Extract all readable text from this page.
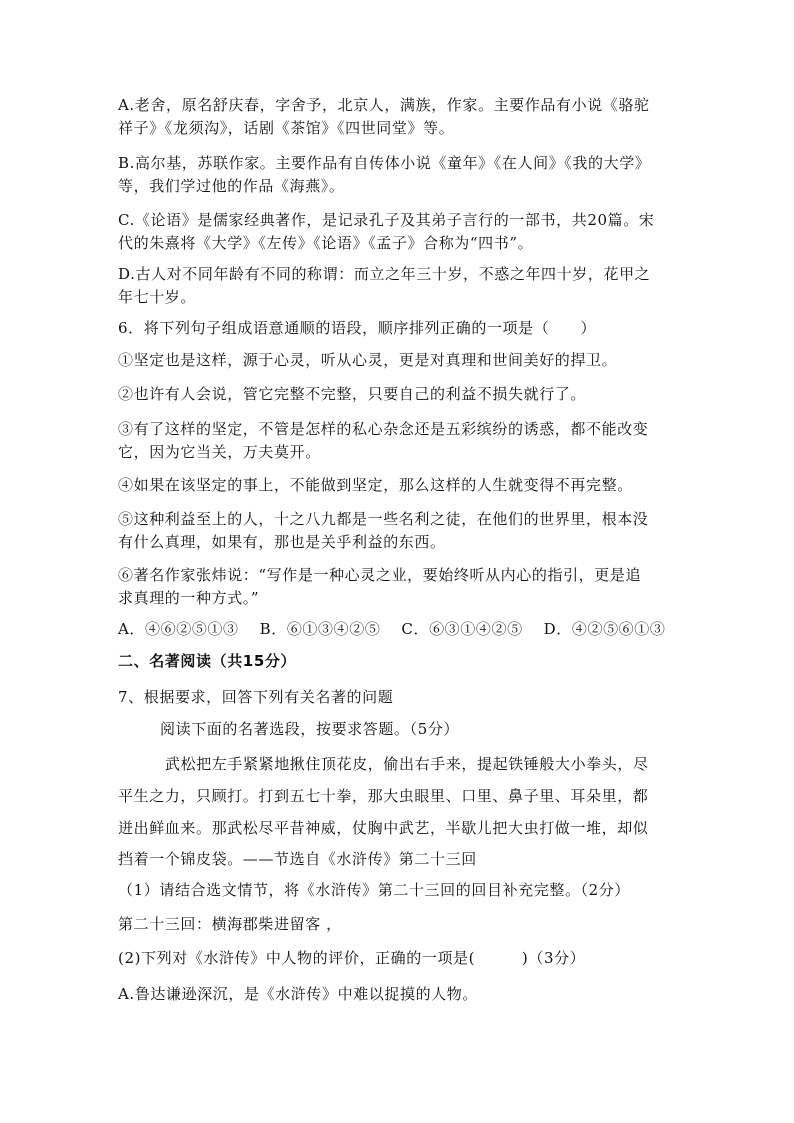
A.老舍，原名舒庆春，字舍予，北京人，满族，作家。主要作品有小说《骆驼
祥子》《龙须沟》，话剧《茶馆》《四世同堂》等。
B.高尔基，苏联作家。主要作品有自传体小说《童年》《在人间》《我的大学》
等，我们学过他的作品《海燕》。
C.《论语》是儒家经典著作，是记录孔子及其弟子言行的一部书，共20篇。宋
代的朱熹将《大学》《左传》《论语》《孟子》合称为“四书”。
D.古人对不同年龄有不同的称谓：而立之年三十岁，不惑之年四十岁，花甲之
年七十岁。
6．将下列句子组成语意通顺的语段，顺序排列正确的一项是（　　）
①坚定也是这样，源于心灵，听从心灵，更是对真理和世间美好的捍卫。
②也许有人会说，管它完整不完整，只要自己的利益不损失就行了。
③有了这样的坚定，不管是怎样的私心杂念还是五彩缤纷的诱惑，都不能改变
它，因为它当关，万夫莫开。
④如果在该坚定的事上，不能做到坚定，那么这样的人生就变得不再完整。
⑤这种利益至上的人，十之八九都是一些名利之徒，在他们的世界里，根本没
有什么真理，如果有，那也是关乎利益的东西。
⑥著名作家张炜说：“写作是一种心灵之业，要始终听从内心的指引，更是追
求真理的一种方式。”
A．④⑥②⑤①③　 B．⑥①③④②⑤　 C．⑥③①④②⑤　 D．④②⑤⑥①③
二、名著阅读（共15分）
7、根据要求，回答下列有关名著的问题
阅读下面的名著选段，按要求答题。（5分）
武松把左手紧紧地揪住顶花皮，偷出右手来，提起铁锤般大小拳头，尽
平生之力，只顾打。打到五七十拳，那大虫眼里、口里、鼻子里、耳朵里，都
迸出鲜血来。那武松尽平昔神威，仗胸中武艺，半歇儿把大虫打做一堆，却似
挡着一个锦皮袋。——节选自《水浒传》第二十三回
（1）请结合选文情节，将《水浒传》第二十三回的回目补充完整。（2分）
第二十三回：横海郡柴进留客 ，
(2)下列对《水浒传》中人物的评价，正确的一项是(　　　)（3分）
A.鲁达谦逊深沉，是《水浒传》中难以捉摸的人物。
